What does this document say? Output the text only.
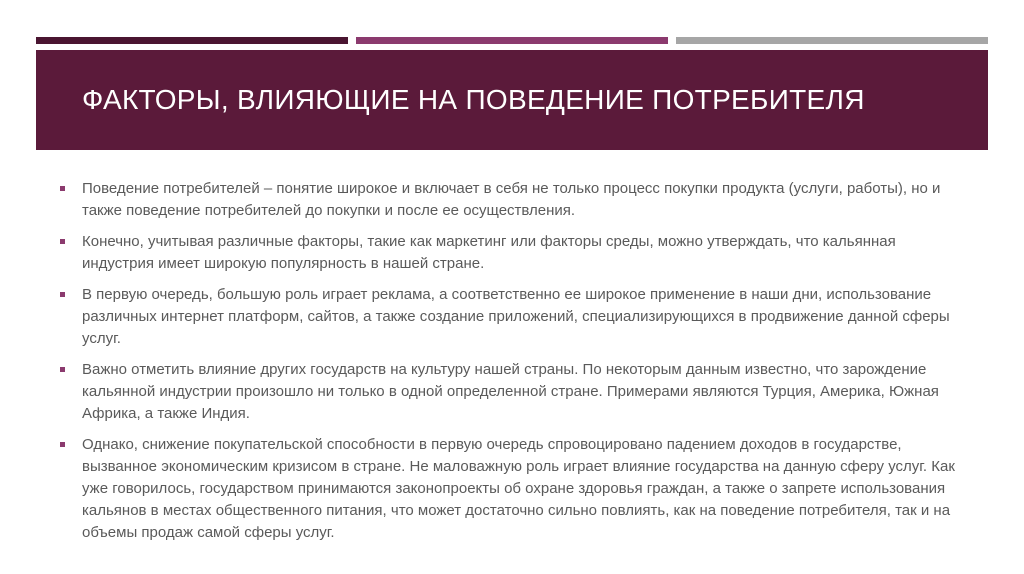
ФАКТОРЫ, ВЛИЯЮЩИЕ НА ПОВЕДЕНИЕ ПОТРЕБИТЕЛЯ
Поведение потребителей – понятие широкое и включает в себя не только процесс покупки продукта (услуги, работы), но и также поведение потребителей до покупки и после ее осуществления.
Конечно, учитывая различные факторы, такие как маркетинг или факторы среды, можно утверждать, что кальянная индустрия имеет широкую популярность в нашей стране.
В первую очередь, большую роль играет реклама, а соответственно ее широкое применение в наши дни, использование различных интернет платформ, сайтов, а также создание приложений, специализирующихся в продвижение данной сферы услуг.
Важно отметить влияние других государств на культуру нашей страны. По некоторым данным известно, что зарождение кальянной индустрии произошло ни только в одной определенной стране. Примерами являются Турция, Америка, Южная Африка, а также Индия.
Однако, снижение покупательской способности в первую очередь спровоцировано падением доходов в государстве, вызванное экономическим кризисом в стране. Не маловажную роль играет влияние государства на данную сферу услуг. Как уже говорилось, государством принимаются законопроекты об охране здоровья граждан, а также о запрете использования кальянов в местах общественного питания, что может достаточно сильно повлиять, как на поведение потребителя, так и на объемы продаж самой сферы услуг.
